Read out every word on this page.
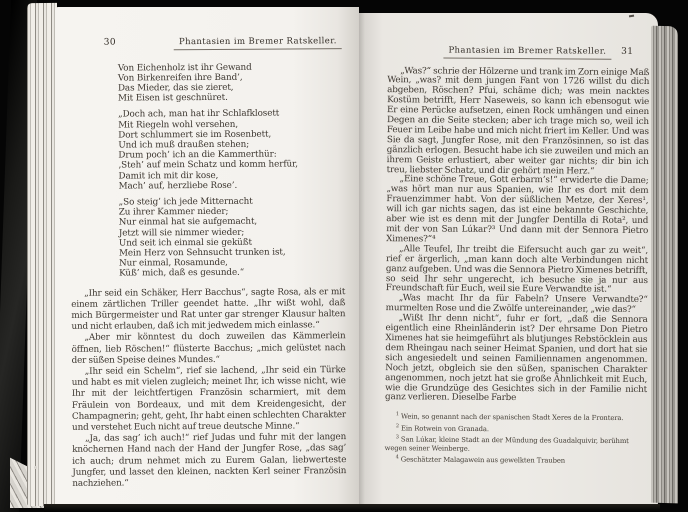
30	Phantasien im Bremer Ratskeller.
Von Eichenholz ist ihr Gewand
Von Birkenreifen ihre Band’,
Das Mieder, das sie zieret,
Mit Eisen ist geschnüret.
„Doch ach, man hat ihr Schlafklosett
Mit Riegeln wohl versehen,
Dort schlummert sie im Rosenbett,
Und ich muß draußen stehen;
Drum poch’ ich an die Kammerthür:
‚Steh’ auf mein Schatz und komm herfür,
Damit ich mit dir kose,
Mach’ auf, herzliebe Rose’.
„So steig’ ich jede Mitternacht
Zu ihrer Kammer nieder;
Nur einmal hat sie aufgemacht,
Jetzt will sie nimmer wieder;
Und seit ich einmal sie geküßt
Mein Herz von Sehnsucht trunken ist,
Nur einmal, Rosamunde,
Küß’ mich, daß es gesunde.“

„Ihr seid ein Schäker, Herr Bacchus“, sagte Rosa, als er mit einem zärtlichen Triller geendet hatte. „Ihr wißt wohl, daß mich Bürgermeister und Rat unter gar strenger Klausur halten und nicht erlauben, daß ich mit jedwedem mich einlasse.“

„Aber mir könntest du doch zuweilen das Kämmerlein öffnen, lieb Röschen!“ flüsterte Bacchus; „mich gelüstet nach der süßen Speise deines Mundes.“

„Ihr seid ein Schelm“, rief sie lachend, „Ihr seid ein Türke und habt es mit vielen zugleich; meinet Ihr, ich wisse nicht, wie Ihr mit der leichtfertigen Französin scharmiert, mit dem Fräulein von Bordeaux, und mit dem Kreidengesicht, der Champagnerin; geht, geht, Ihr habt einen schlechten Charakter und verstehet Euch nicht auf treue deutsche Minne.“

„Ja, das sag’ ich auch!“ rief Judas und fuhr mit der langen knöchernen Hand nach der Hand der Jungfer Rose, „das sag’ ich auch; drum nehmet mich zu Eurem Galan, liebwerteste Jungfer, und lasset den kleinen, nackten Kerl seiner Französin nachziehen.“

Phantasien im Bremer Ratskeller.	31

„Was?“ schrie der Hölzerne und trank im Zorn einige Maß Wein, „was? mit dem jungen Fant von 1726 willst du dich abgeben, Röschen? Pfui, schäme dich; was mein nacktes Kostüm betrifft, Herr Naseweis, so kann ich ebensogut wie Er eine Perücke aufsetzen, einen Rock umhängen und einen Degen an die Seite stecken; aber ich trage mich so, weil ich Feuer im Leibe habe und mich nicht friert im Keller. Und was Sie da sagt, Jungfer Rose, mit den Französinnen, so ist das gänzlich erlogen. Besucht habe ich sie zuweilen und mich an ihrem Geiste erlustiert, aber weiter gar nichts; dir bin ich treu, liebster Schatz, und dir gehört mein Herz.“

„Eine schöne Treue, Gott erbarm’s!“ erwiderte die Dame; „was hört man nur aus Spanien, wie Ihr es dort mit dem Frauenzimmer habt. Von der süßlichen Metze, der Xeres¹, will ich gar nichts sagen, das ist eine bekannte Geschichte, aber wie ist es denn mit der Jungfer Dentilla di Rota², und mit der von San Lúkar?³ Und dann mit der Sennora Pietro Ximenes?“⁴

„Alle Teufel, Ihr treibt die Eifersucht auch gar zu weit“, rief er ärgerlich, „man kann doch alte Verbindungen nicht ganz aufgeben. Und was die Sennora Pietro Ximenes betrifft, so seid Ihr sehr ungerecht, ich besuche sie ja nur aus Freundschaft für Euch, weil sie Eure Verwandte ist.“

„Was macht Ihr da für Fabeln? Unsere Verwandte?“ murmelten Rose und die Zwölfe untereinander, „wie das?“

„Wißt Ihr denn nicht“, fuhr er fort, „daß die Sennora eigentlich eine Rheinländerin ist? Der ehrsame Don Pietro Ximenes hat sie heimgeführt als blutjunges Rebstöcklein aus dem Rheingau nach seiner Heimat Spanien, und dort hat sie sich angesiedelt und seinen Familiennamen angenommen. Noch jetzt, obgleich sie den süßen, spanischen Charakter angenommen, noch jetzt hat sie große Ähnlichkeit mit Euch, wie die Grundzüge des Gesichtes sich in der Familie nicht ganz verlieren. Dieselbe Farbe

$^1$ Wein, so genannt nach der spanischen Stadt Xeres de la Frontera.
$^2$ Ein Rotwein von Granada.
$^3$ San Lúkar, kleine Stadt an der Mündung des Guadalquivir, berühmt wegen seiner Weinberge.
$^4$ Geschätzter Malagawein aus gewelkten Trauben
